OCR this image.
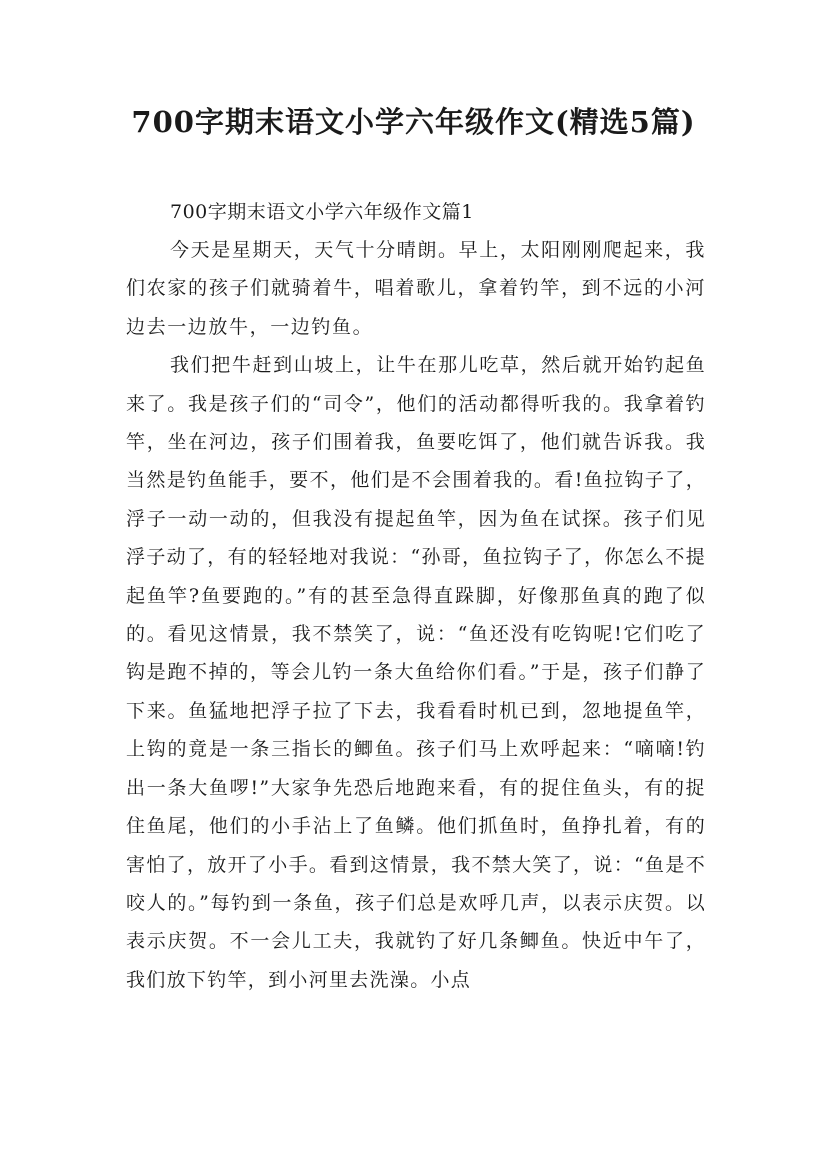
700字期末语文小学六年级作文(精选5篇)

700字期末语文小学六年级作文篇1

今天是星期天，天气十分晴朗。早上，太阳刚刚爬起来，我们农家的孩子们就骑着牛，唱着歌儿，拿着钓竿，到不远的小河边去一边放牛，一边钓鱼。

我们把牛赶到山坡上，让牛在那儿吃草，然后就开始钓起鱼来了。我是孩子们的“司令”，他们的活动都得听我的。我拿着钓竿，坐在河边，孩子们围着我，鱼要吃饵了，他们就告诉我。我当然是钓鱼能手，要不，他们是不会围着我的。看!鱼拉钩子了，浮子一动一动的，但我没有提起鱼竿，因为鱼在试探。孩子们见浮子动了，有的轻轻地对我说：“孙哥，鱼拉钩子了，你怎么不提起鱼竿?鱼要跑的。”有的甚至急得直跺脚，好像那鱼真的跑了似的。看见这情景，我不禁笑了，说：“鱼还没有吃钩呢!它们吃了钩是跑不掉的，等会儿钓一条大鱼给你们看。”于是，孩子们静了下来。鱼猛地把浮子拉了下去，我看看时机已到，忽地提鱼竿，上钩的竟是一条三指长的鲫鱼。孩子们马上欢呼起来：“嘀嘀!钓出一条大鱼啰!”大家争先恐后地跑来看，有的捉住鱼头，有的捉住鱼尾，他们的小手沾上了鱼鳞。他们抓鱼时，鱼挣扎着，有的害怕了，放开了小手。看到这情景，我不禁大笑了，说：“鱼是不咬人的。”每钓到一条鱼，孩子们总是欢呼几声，以表示庆贺。以表示庆贺。不一会儿工夫，我就钓了好几条鲫鱼。快近中午了，我们放下钓竿，到小河里去洗澡。小点
